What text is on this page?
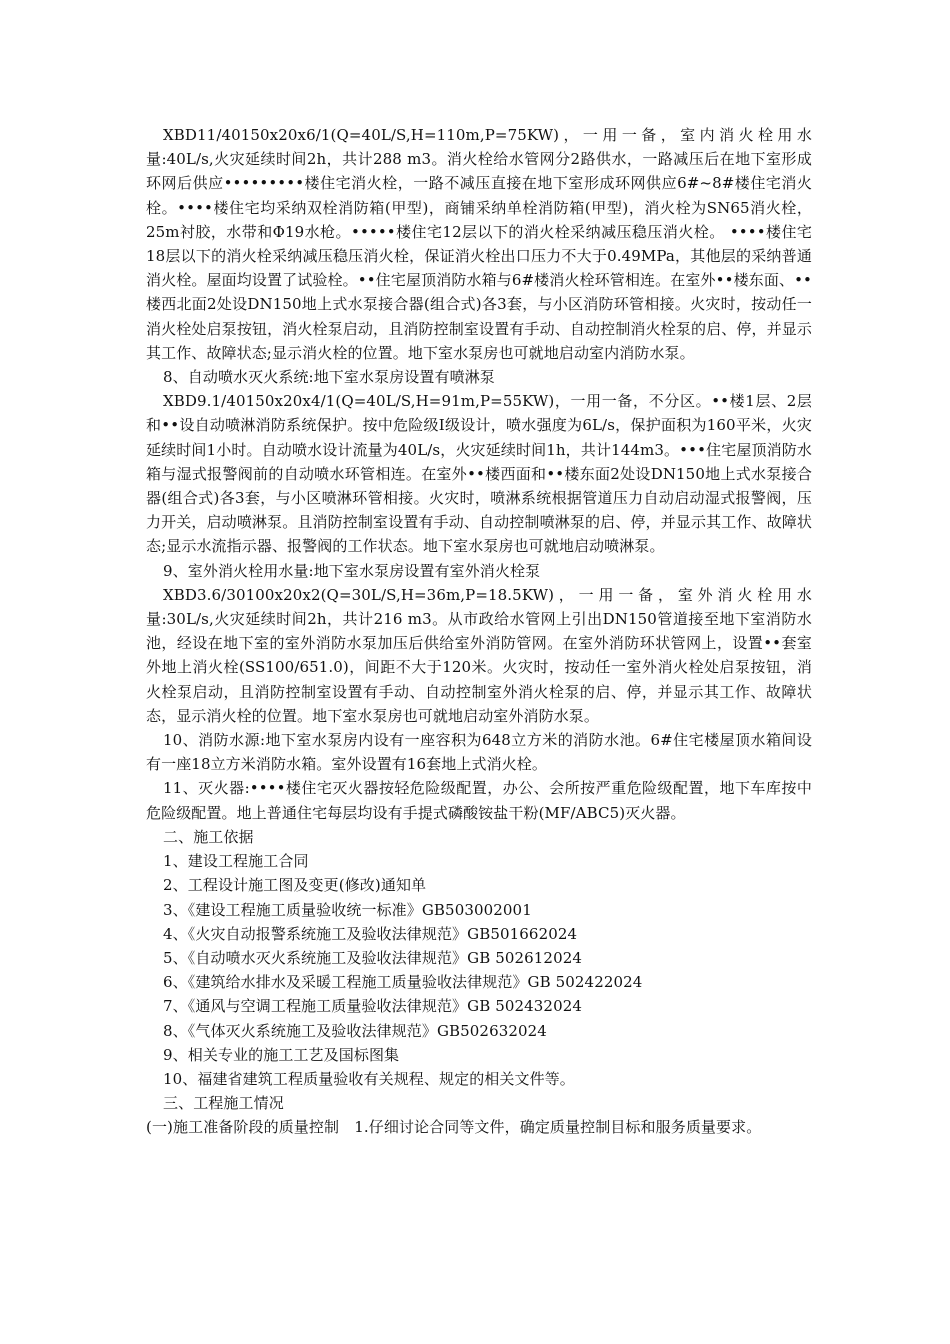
XBD11/40150x20x6/1(Q=40L/S,H=110m,P=75KW)，一用一备，室内消火栓用水量:40L/s,火灾延续时间2h，共计288 m3。消火栓给水管网分2路供水，一路减压后在地下室形成环网后供应•••••••••楼住宅消火栓，一路不减压直接在地下室形成环网供应6#~8#楼住宅消火栓。••••楼住宅均采纳双栓消防箱(甲型)，商铺采纳单栓消防箱(甲型)，消火栓为SN65消火栓，25m衬胶，水带和Φ19水枪。•••••楼住宅12层以下的消火栓采纳减压稳压消火栓。 ••••楼住宅18层以下的消火栓采纳减压稳压消火栓，保证消火栓出口压力不大于0.49MPa，其他层的采纳普通消火栓。屋面均设置了试验栓。••住宅屋顶消防水箱与6#楼消火栓环管相连。在室外••楼东面、••楼西北面2处设DN150地上式水泵接合器(组合式)各3套，与小区消防环管相接。火灾时，按动任一消火栓处启泵按钮，消火栓泵启动，且消防控制室设置有手动、自动控制消火栓泵的启、停，并显示其工作、故障状态;显示消火栓的位置。地下室水泵房也可就地启动室内消防水泵。

8、自动喷水灭火系统:地下室水泵房设置有喷淋泵

XBD9.1/40150x20x4/1(Q=40L/S,H=91m,P=55KW)，一用一备，不分区。••楼1层、2层和••设自动喷淋消防系统保护。按中危险级Ⅰ级设计，喷水强度为6L/s，保护面积为160平米，火灾延续时间1小时。自动喷水设计流量为40L/s，火灾延续时间1h，共计144m3。•••住宅屋顶消防水箱与湿式报警阀前的自动喷水环管相连。在室外••楼西面和••楼东面2处设DN150地上式水泵接合器(组合式)各3套，与小区喷淋环管相接。火灾时，喷淋系统根据管道压力自动启动湿式报警阀，压力开关，启动喷淋泵。且消防控制室设置有手动、自动控制喷淋泵的启、停，并显示其工作、故障状态;显示水流指示器、报警阀的工作状态。地下室水泵房也可就地启动喷淋泵。

9、室外消火栓用水量:地下室水泵房设置有室外消火栓泵

XBD3.6/30100x20x2(Q=30L/S,H=36m,P=18.5KW)，一用一备，室外消火栓用水量:30L/s,火灾延续时间2h，共计216 m3。从市政给水管网上引出DN150管道接至地下室消防水池，经设在地下室的室外消防水泵加压后供给室外消防管网。在室外消防环状管网上，设置••套室外地上消火栓(SS100/651.0)，间距不大于120米。火灾时，按动任一室外消火栓处启泵按钮，消火栓泵启动，且消防控制室设置有手动、自动控制室外消火栓泵的启、停，并显示其工作、故障状态，显示消火栓的位置。地下室水泵房也可就地启动室外消防水泵。

10、消防水源:地下室水泵房内设有一座容积为648立方米的消防水池。6#住宅楼屋顶水箱间设有一座18立方米消防水箱。室外设置有16套地上式消火栓。

11、灭火器:••••楼住宅灭火器按轻危险级配置，办公、会所按严重危险级配置，地下车库按中危险级配置。地上普通住宅每层均设有手提式磷酸铵盐干粉(MF/ABC5)灭火器。

二、施工依据

1、建设工程施工合同

2、工程设计施工图及变更(修改)通知单

3、《建设工程施工质量验收统一标准》GB503002001

4、《火灾自动报警系统施工及验收法律规范》GB501662024

5、《自动喷水灭火系统施工及验收法律规范》GB 502612024

6、《建筑给水排水及采暖工程施工质量验收法律规范》GB 502422024

7、《通风与空调工程施工质量验收法律规范》GB 502432024

8、《气体灭火系统施工及验收法律规范》GB502632024

9、相关专业的施工工艺及国标图集

10、福建省建筑工程质量验收有关规程、规定的相关文件等。

三、工程施工情况

(一)施工准备阶段的质量控制　1.仔细讨论合同等文件，确定质量控制目标和服务质量要求。
